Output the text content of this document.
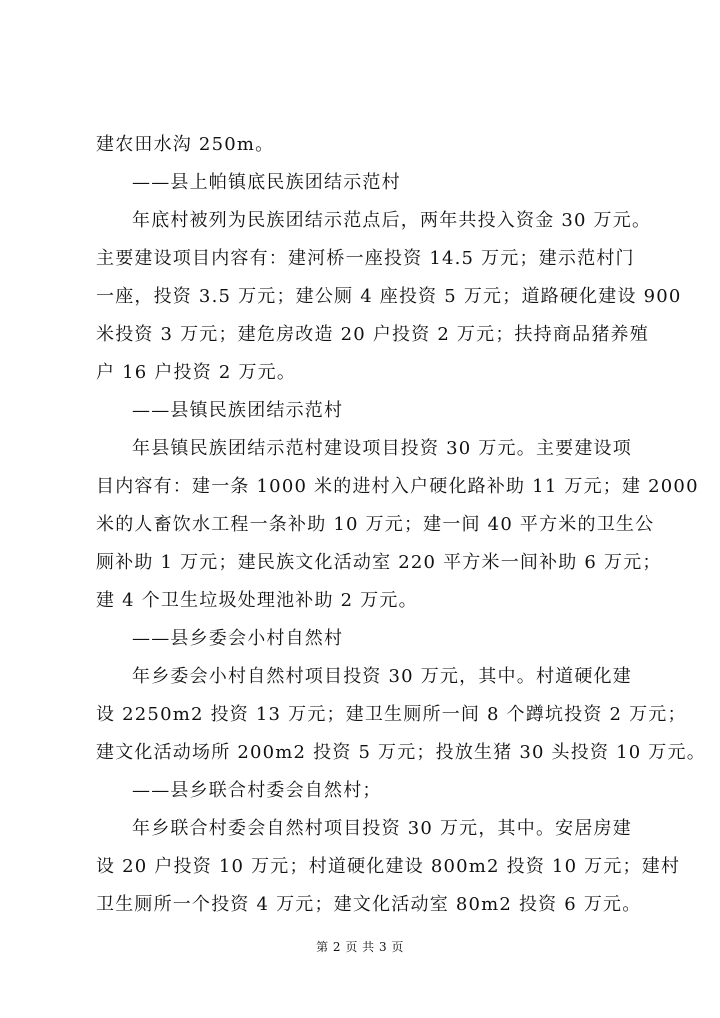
建农田水沟 250m。
——县上帕镇底民族团结示范村
年底村被列为民族团结示范点后，两年共投入资金 30 万元。
主要建设项目内容有：建河桥一座投资 14.5 万元；建示范村门
一座，投资 3.5 万元；建公厕 4 座投资 5 万元；道路硬化建设 900
米投资 3 万元；建危房改造 20 户投资 2 万元；扶持商品猪养殖
户 16 户投资 2 万元。
——县镇民族团结示范村
年县镇民族团结示范村建设项目投资 30 万元。主要建设项
目内容有：建一条 1000 米的进村入户硬化路补助 11 万元；建 2000
米的人畜饮水工程一条补助 10 万元；建一间 40 平方米的卫生公
厕补助 1 万元；建民族文化活动室 220 平方米一间补助 6 万元；
建 4 个卫生垃圾处理池补助 2 万元。
——县乡委会小村自然村
年乡委会小村自然村项目投资 30 万元，其中。村道硬化建
设 2250m2 投资 13 万元；建卫生厕所一间 8 个蹲坑投资 2 万元；
建文化活动场所 200m2 投资 5 万元；投放生猪 30 头投资 10 万元。
——县乡联合村委会自然村；
年乡联合村委会自然村项目投资 30 万元，其中。安居房建
设 20 户投资 10 万元；村道硬化建设 800m2 投资 10 万元；建村
卫生厕所一个投资 4 万元；建文化活动室 80m2 投资 6 万元。
第 2 页 共 3 页
